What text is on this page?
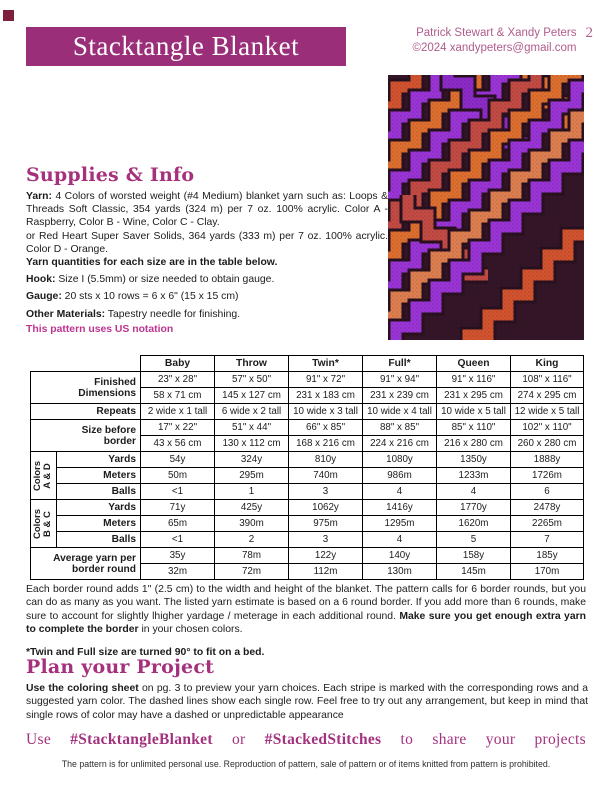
Stacktangle Blanket	Patrick Stewart & Xandy Peters
©2024 xandypeters@gmail.com
2
Supplies & Info

Yarn: 4 Colors of worsted weight (#4 Medium) blanket yarn such as: Loops & Threads Soft Classic, 354 yards (324 m) per 7 oz. 100% acrylic. Color A - Raspberry, Color B - Wine, Color C - Clay.

or Red Heart Super Saver Solids, 364 yards (333 m) per 7 oz. 100% acrylic. Color D - Orange.

Yarn quantities for each size are in the table below.

Hook: Size I (5.5mm) or size needed to obtain gauge.

Gauge: 20 sts x 10 rows = 6 x 6" (15 x 15 cm)

Other Materials: Tapestry needle for finishing.

This pattern uses US notation

		Baby	Throw	Twin*	Full*	Queen	King

Finished
Dimensions		23" x 28"	57" x 50"	91" x 72"	91" x 94"	91" x 116"	108" x 116"
		58 x 71 cm	145 x 127 cm	231 x 183 cm	231 x 239 cm	231 x 295 cm	274 x 295 cm
Repeats		2 wide x 1 tall	6 wide x 2 tall	10 wide x 3 tall	10 wide x 4 tall	10 wide x 5 tall	12 wide x 5 tall

Size before
border		17" x 22"	51" x 44"	66" x 85"	88" x 85"	85" x 110"	102" x 110"
		43 x 56 cm	130 x 112 cm	168 x 216 cm	224 x 216 cm	216 x 280 cm	260 x 280 cm

Colors A & D	Yards	54y	324y	810y	1080y	1350y	1888y
	Meters	50m	295m	740m	986m	1233m	1726m
	Balls	<1	1	3	4	4	6

Colors B & C	Yards	71y	425y	1062y	1416y	1770y	2478y
	Meters	65m	390m	975m	1295m	1620m	2265m
	Balls	<1	2	3	4	5	7

Average yarn per
border round		35y	78m	122y	140y	158y	185y
		32m	72m	112m	130m	145m	170m

Each border round adds 1" (2.5 cm) to the width and height of the blanket. The pattern calls for 6 border rounds, but you can do as many as you want. The listed yarn estimate is based on a 6 round border. If you add more than 6 rounds, make sure to account for slightly lhigher yardage / meterage in each additional round. Make sure you get enough extra yarn to complete the border in your chosen colors.

*Twin and Full size are turned 90° to fit on a bed.

Plan your Project

Use the coloring sheet on pg. 3 to preview your yarn choices. Each stripe is marked with the corresponding rows and a suggested yarn color. The dashed lines show each single row. Feel free to try out any arrangement, but keep in mind that single rows of color may have a dashed or unpredictable appearance

Use #StacktangleBlanket or #StackedStitches to share your projects
The pattern is for unlimited personal use. Reproduction of pattern, sale of pattern or of items knitted from pattern is prohibited.
